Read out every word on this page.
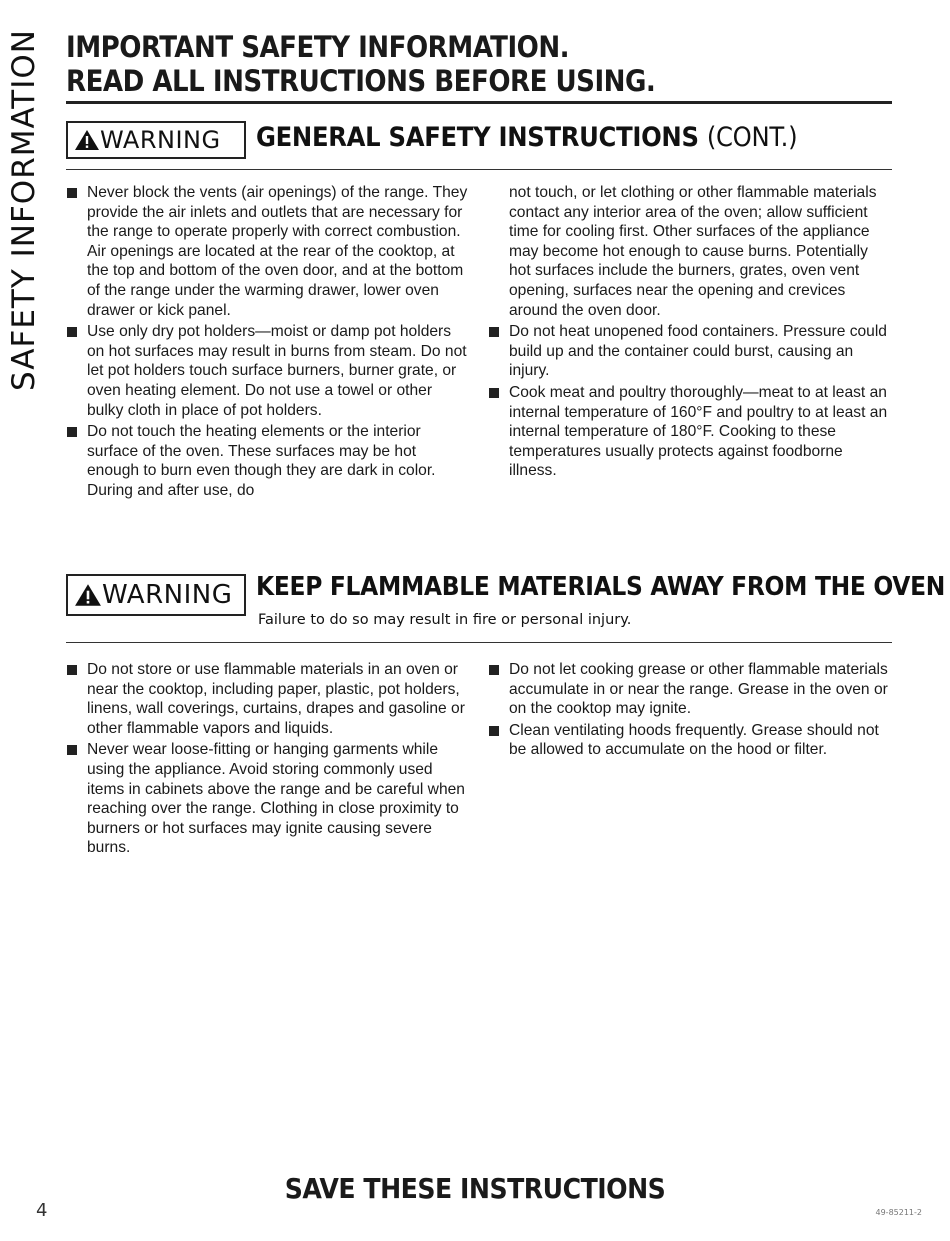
SAFETY INFORMATION IMPORTANT SAFETY INFORMATION.
READ ALL INSTRUCTIONS BEFORE USING.
WARNING GENERAL SAFETY INSTRUCTIONS (CONT.)
Never block the vents (air openings) of the range. They provide the air inlets and outlets that are necessary for the range to operate properly with correct combustion. Air openings are located at the rear of the cooktop, at the top and bottom of the oven door, and at the bottom of the range under the warming drawer, lower oven drawer or kick panel.
Use only dry pot holders—moist or damp pot holders on hot surfaces may result in burns from steam. Do not let pot holders touch surface burners, burner grate, or oven heating element. Do not use a towel or other bulky cloth in place of pot holders.
Do not touch the heating elements or the interior surface of the oven. These surfaces may be hot enough to burn even though they are dark in color. During and after use, do
not touch, or let clothing or other flammable materials contact any interior area of the oven; allow sufficient time for cooling first. Other surfaces of the appliance may become hot enough to cause burns. Potentially hot surfaces include the burners, grates, oven vent opening, surfaces near the opening and crevices around the oven door.
Do not heat unopened food containers. Pressure could build up and the container could burst, causing an injury.
Cook meat and poultry thoroughly—meat to at least an internal temperature of 160°F and poultry to at least an internal temperature of 180°F. Cooking to these temperatures usually protects against foodborne illness.
WARNING KEEP FLAMMABLE MATERIALS AWAY FROM THE OVEN
Failure to do so may result in fire or personal injury.
Do not store or use flammable materials in an oven or near the cooktop, including paper, plastic, pot holders, linens, wall coverings, curtains, drapes and gasoline or other flammable vapors and liquids.
Never wear loose-fitting or hanging garments while using the appliance. Avoid storing commonly used items in cabinets above the range and be careful when reaching over the range. Clothing in close proximity to burners or hot surfaces may ignite causing severe burns.
Do not let cooking grease or other flammable materials accumulate in or near the range. Grease in the oven or on the cooktop may ignite.
Clean ventilating hoods frequently. Grease should not be allowed to accumulate on the hood or filter.
SAVE THESE INSTRUCTIONS
4	49-85211-2
